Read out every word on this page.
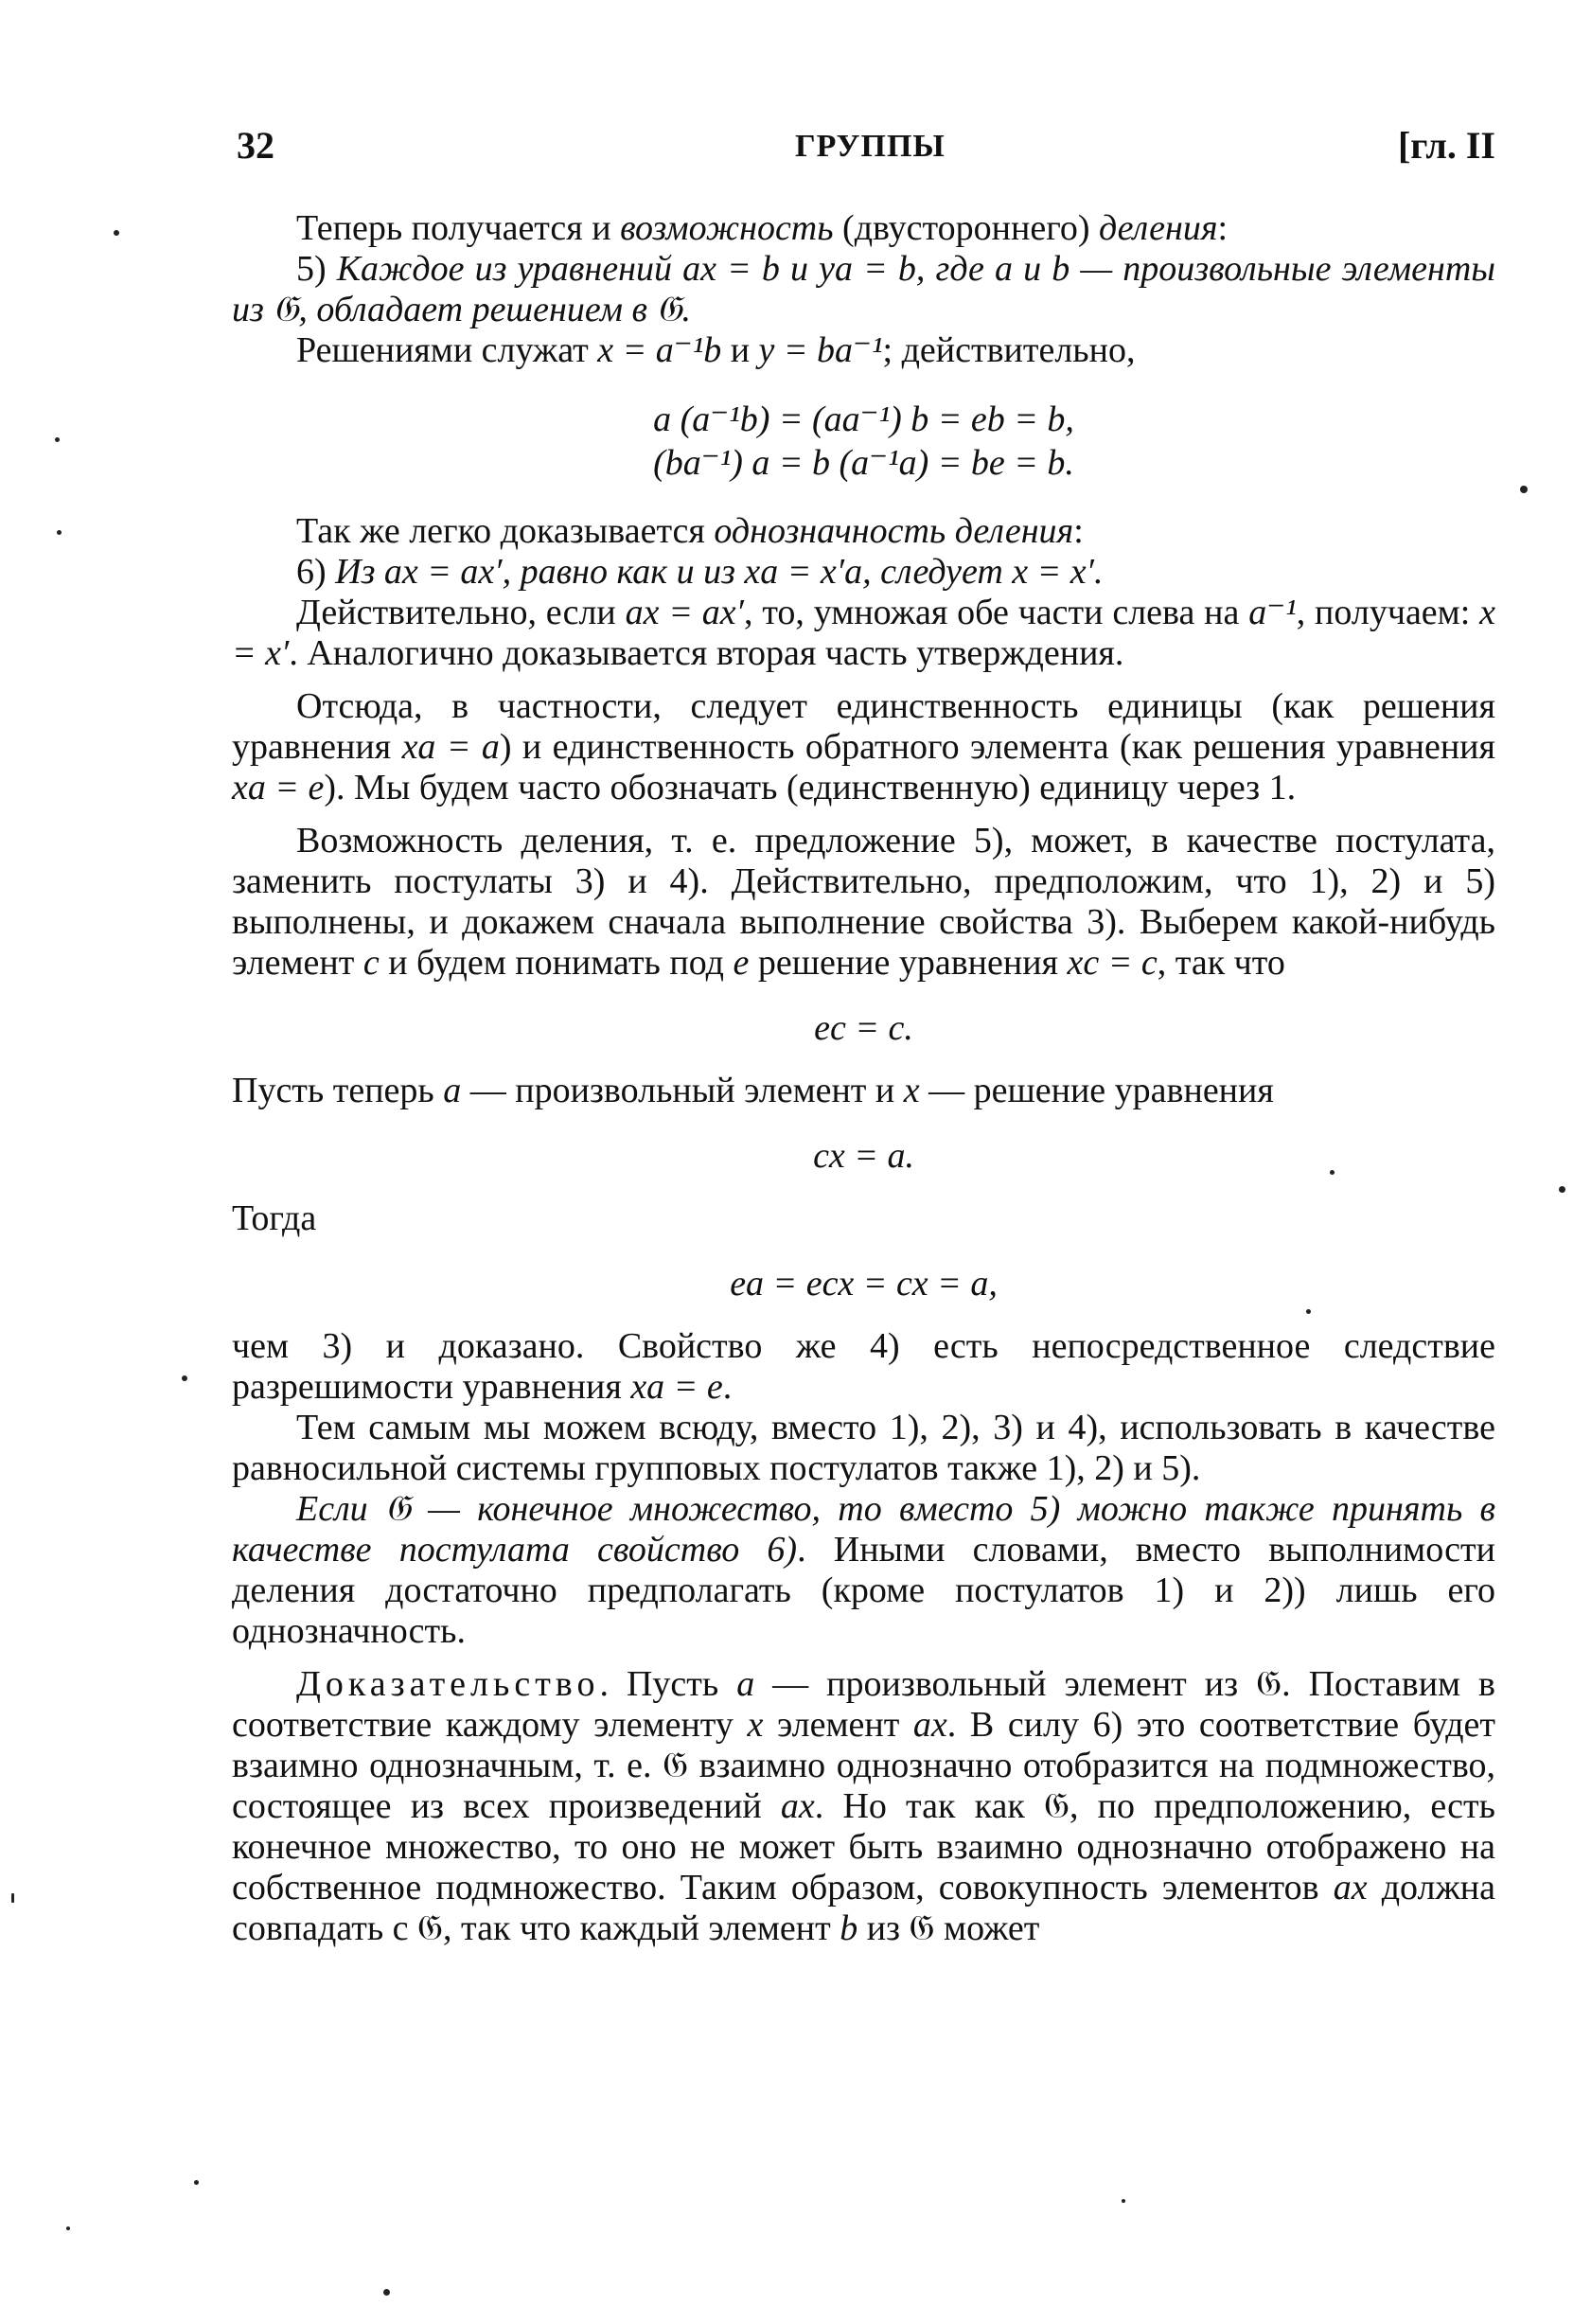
32	ГРУППЫ	[гл. II

Теперь получается и возможность (двустороннего) деления:

5) Каждое из уравнений ax = b и ya = b, где a и b — произвольные элементы из 𝔊, обладает решением в 𝔊.

Решениями служат x = a⁻¹b и y = ba⁻¹; действительно,

a (a⁻¹b) = (aa⁻¹) b = eb = b,
(ba⁻¹) a = b (a⁻¹a) = be = b.

Так же легко доказывается однозначность деления:

6) Из ax = ax′, равно как и из xa = x′a, следует x = x′.

Действительно, если ax = ax′, то, умножая обе части слева на a⁻¹, получаем: x = x′. Аналогично доказывается вторая часть утверждения.

Отсюда, в частности, следует единственность единицы (как решения уравнения xa = a) и единственность обратного элемента (как решения уравнения xa = e). Мы будем часто обозначать (единственную) единицу через 1.

Возможность деления, т. е. предложение 5), может, в качестве постулата, заменить постулаты 3) и 4). Действительно, предположим, что 1), 2) и 5) выполнены, и докажем сначала выполнение свойства 3). Выберем какой-нибудь элемент c и будем понимать под e решение уравнения xc = c, так что

ec = c.

Пусть теперь a — произвольный элемент и x — решение уравнения

cx = a.

Тогда

ea = ecx = cx = a,

чем 3) и доказано. Свойство же 4) есть непосредственное следствие разрешимости уравнения xa = e.

Тем самым мы можем всюду, вместо 1), 2), 3) и 4), использовать в качестве равносильной системы групповых постулатов также 1), 2) и 5).

Если 𝔊 — конечное множество, то вместо 5) можно также принять в качестве постулата свойство 6). Иными словами, вместо выполнимости деления достаточно предполагать (кроме постулатов 1) и 2)) лишь его однозначность.

Доказательство. Пусть a — произвольный элемент из 𝔊. Поставим в соответствие каждому элементу x элемент ax. В силу 6) это соответствие будет взаимно однозначным, т. е. 𝔊 взаимно однозначно отобразится на подмножество, состоящее из всех произведений ax. Но так как 𝔊, по предположению, есть конечное множество, то оно не может быть взаимно однозначно отображено на собственное подмножество. Таким образом, совокупность элементов ax должна совпадать с 𝔊, так что каждый элемент b из 𝔊 может
